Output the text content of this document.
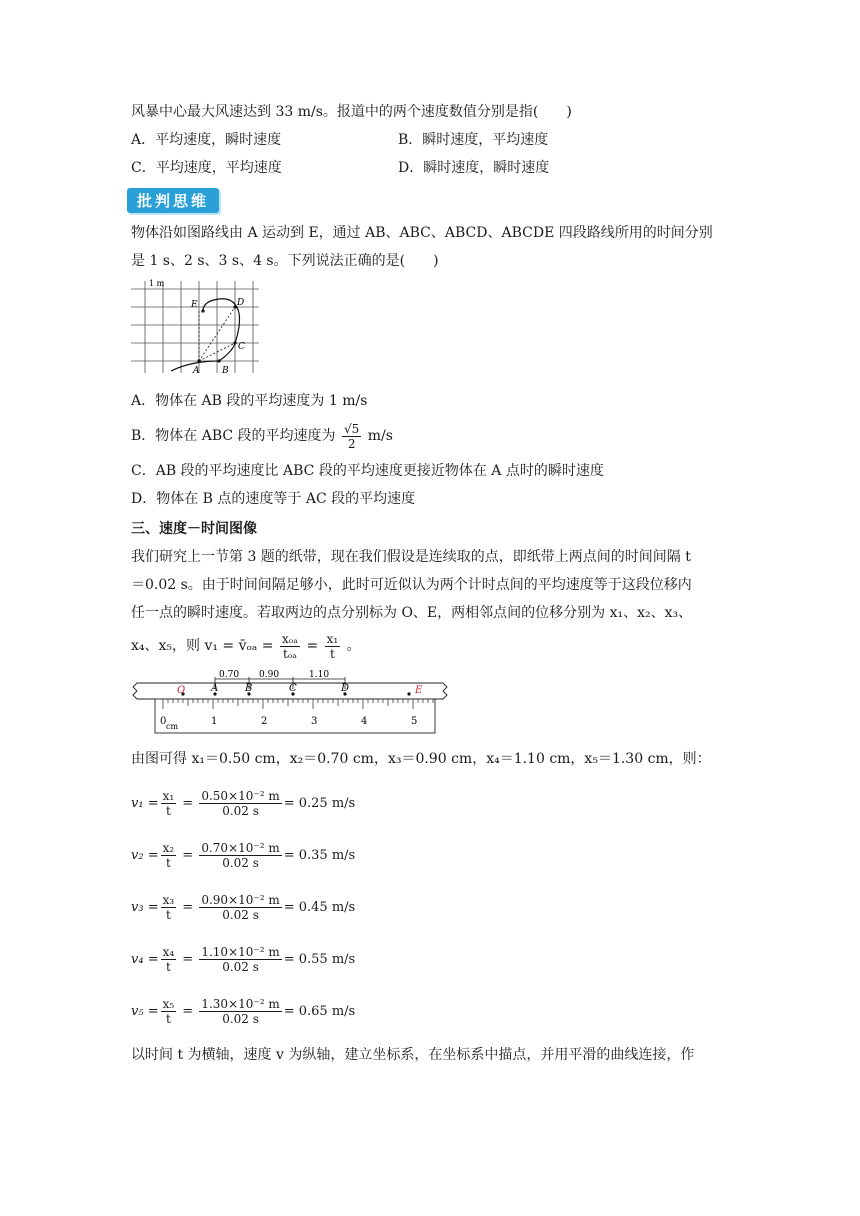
风暴中心最大风速达到 33 m/s。报道中的两个速度数值分别是指(　　)
A．平均速度，瞬时速度	B．瞬时速度，平均速度
C．平均速度，平均速度	D．瞬时速度，瞬时速度
批判思维
物体沿如图路线由 A 运动到 E，通过 AB、ABC、ABCD、ABCDE 四段路线所用的时间分别
是 1 s、2 s、3 s、4 s。下列说法正确的是(　　)
1 m
A	B
C
D
E
A．物体在 AB 段的平均速度为 1 m/s
B．物体在 ABC 段的平均速度为 $\frac{√5}{2} m/s$
C．AB 段的平均速度比 ABC 段的平均速度更接近物体在 A 点时的瞬时速度
D．物体在 B 点的速度等于 AC 段的平均速度
三、速度－时间图像
我们研究上一节第 3 题的纸带，现在我们假设是连续取的点，即纸带上两点间的时间间隔 t
＝0.02 s。由于时间间隔足够小，此时可近似认为两个计时点间的平均速度等于这段位移内
任一点的瞬时速度。若取两边的点分别标为 O、E，两相邻点间的位移分别为 x₁、x₂、x₃、
x₄、x₅，则 v₁ = v̄ₒₐ = $\frac{\text{xₒₐ}}{\text{tₒₐ}} = \frac{\text{x₁}}{t}$ 。
0.70 0.90	1.10
O	A	B	C	D	E
0	1	2	3	4	5
cm
由图可得 x₁＝0.50 cm，x₂＝0.70 cm，x₃＝0.90 cm，x₄＝1.10 cm，x₅＝1.30 cm，则：
$v_1 = \frac{\text{x₁}}{t} = \frac{\text{0.50×10⁻² m}}{0.02 s} = 0.25$ m/s
$v_2 = \frac{\text{x₂}}{t} = \frac{\text{0.70×10⁻² m}}{0.02 s} = 0.35$ m/s
$v_3 = \frac{\text{x₃}}{t} = \frac{\text{0.90×10⁻² m}}{0.02 s} = 0.45$ m/s
$v_4 = \frac{\text{x₄}}{t} = \frac{\text{1.10×10⁻² m}}{0.02 s} = 0.55$ m/s
$v_5 = \frac{\text{x₅}}{t} = \frac{\text{1.30×10⁻² m}}{0.02 s} = 0.65$ m/s
以时间 t 为横轴，速度 v 为纵轴，建立坐标系，在坐标系中描点，并用平滑的曲线连接，作
